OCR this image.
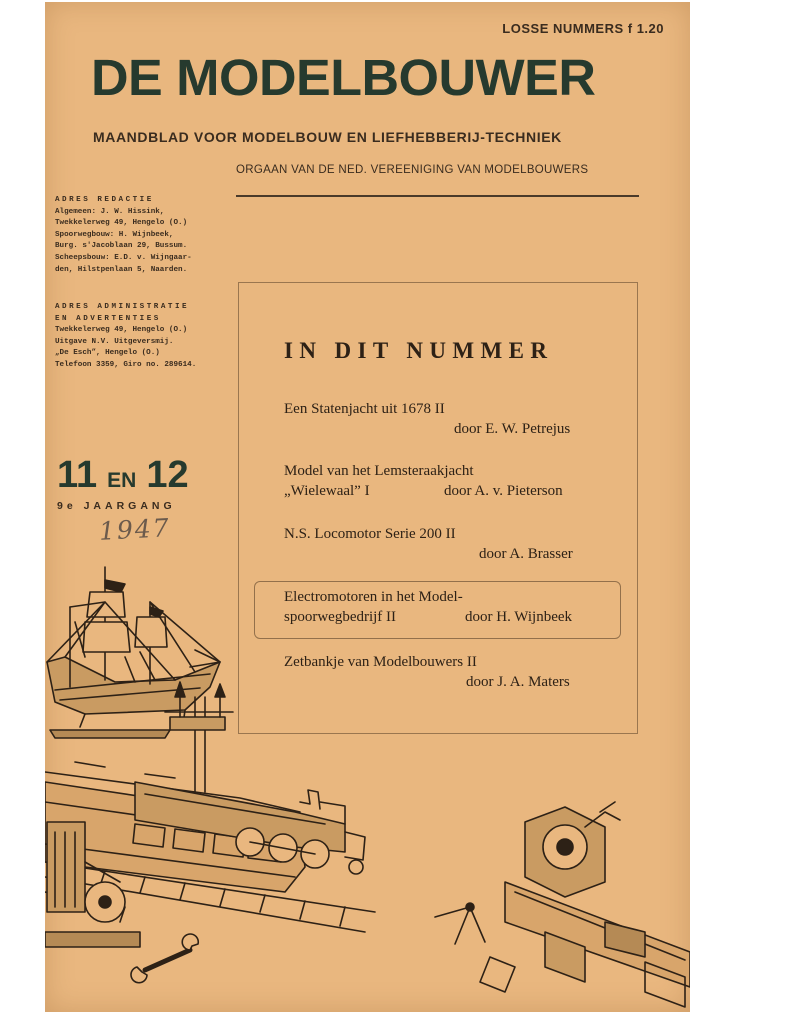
LOSSE NUMMERS f 1.20
DE MODELBOUWER
MAANDBLAD VOOR MODELBOUW EN LIEFHEBBERIJ-TECHNIEK
ORGAAN VAN DE NED. VEREENIGING VAN MODELBOUWERS
ADRES REDACTIE
Algemeen: J. W. Hissink,
Twekkelerweg 49, Hengelo (O.)
Spoorwegbouw: H. Wijnbeek,
Burg. s'Jacoblaan 29, Bussum.
Scheepsbouw: E.D. v. Wijngaar-
den, Hilstpenlaan 5, Naarden.
ADRES ADMINISTRATIE
EN ADVERTENTIES
Twekkelerweg 49, Hengelo (O.)
Uitgave N.V. Uitgeversmij.
„De Esch”, Hengelo (O.)
Telefoon 3359, Giro no. 289614.
11 EN 12
9e JAARGANG
1947
IN DIT NUMMER
Een Statenjacht uit 1678 II
door E. W. Petrejus
Model van het Lemsteraakjacht
„Wielewaal” I	door A. v. Pieterson
N.S. Locomotor Serie 200 II
door A. Brasser
Electromotoren in het Model-
spoorwegbedrijf II	door H. Wijnbeek
Zetbankje van Modelbouwers II
door J. A. Maters
